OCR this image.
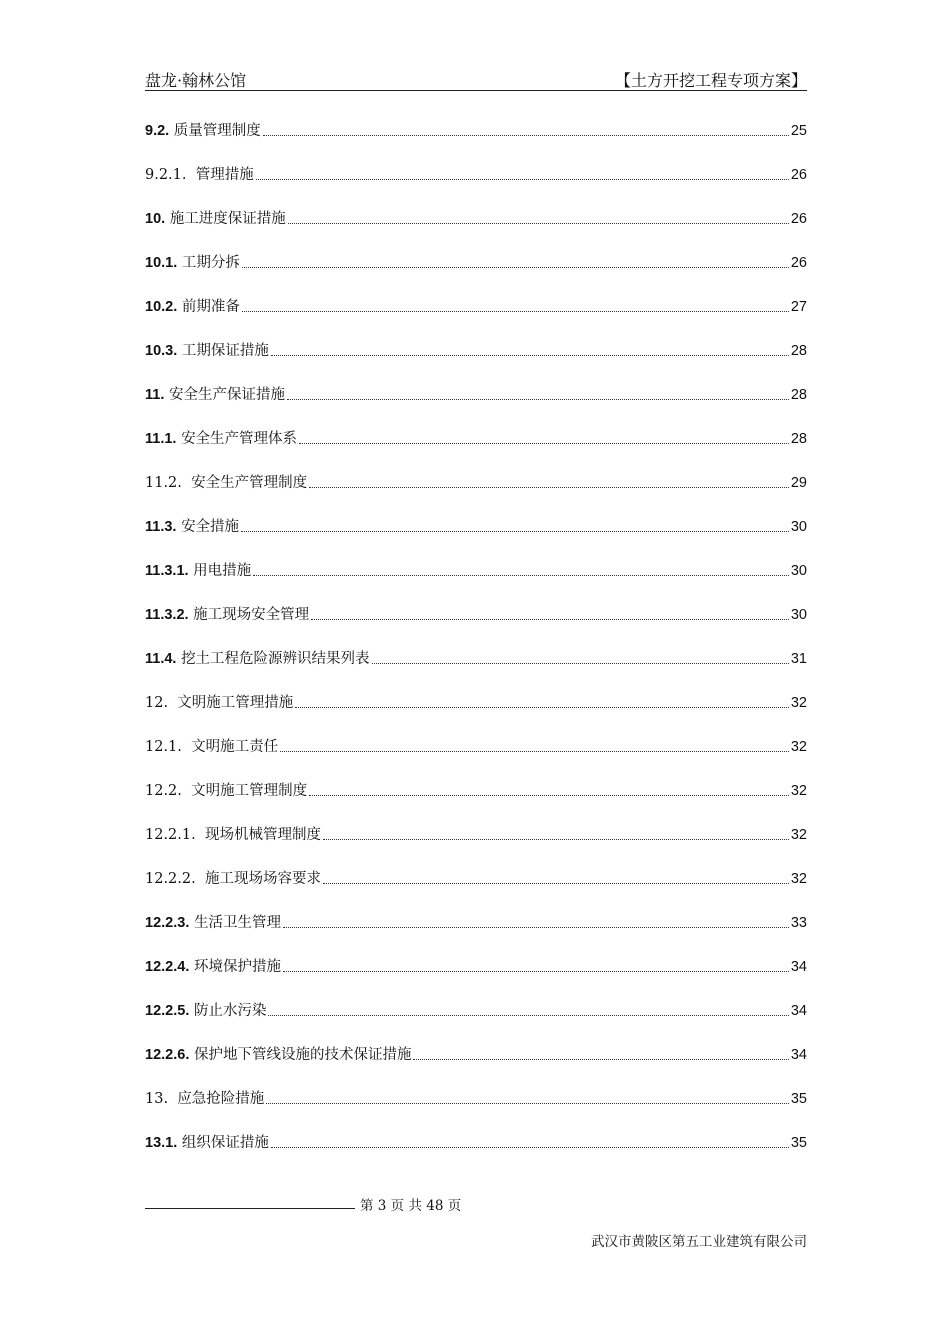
盘龙·翰林公馆	【土方开挖工程专项方案】
9.2. 质量管理制度	25
9.2.1. 管理措施	26
10. 施工进度保证措施	26
10.1. 工期分拆	26
10.2. 前期准备	27
10.3. 工期保证措施	28
11. 安全生产保证措施	28
11.1. 安全生产管理体系	28
11.2. 安全生产管理制度	29
11.3. 安全措施	30
11.3.1. 用电措施	30
11.3.2. 施工现场安全管理	30
11.4. 挖土工程危险源辨识结果列表	31
12. 文明施工管理措施	32
12.1. 文明施工责任	32
12.2. 文明施工管理制度	32
12.2.1. 现场机械管理制度	32
12.2.2. 施工现场场容要求	32
12.2.3. 生活卫生管理	33
12.2.4. 环境保护措施	34
12.2.5. 防止水污染	34
12.2.6. 保护地下管线设施的技术保证措施	34
13. 应急抢险措施	35
13.1. 组织保证措施	35
第 3 页 共 48 页
武汉市黄陂区第五工业建筑有限公司
